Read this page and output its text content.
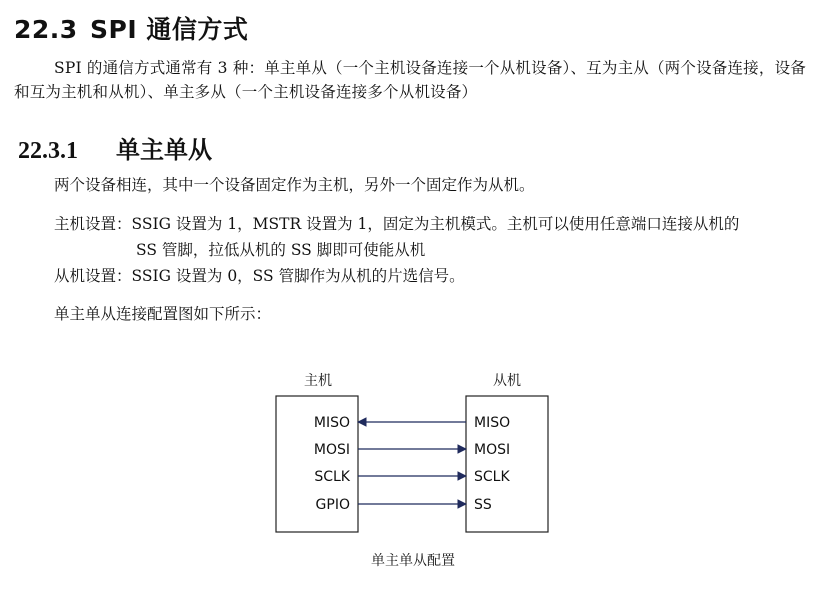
22.3 SPI 通信方式

SPI 的通信方式通常有 3 种：单主单从（一个主机设备连接一个从机设备）、互为主从（两个设备连接，设备和互为主机和从机）、单主多从（一个主机设备连接多个从机设备）

22.3.1 单主单从

两个设备相连，其中一个设备固定作为主机，另外一个固定作为从机。

主机设置：SSIG 设置为 1，MSTR 设置为 1，固定为主机模式。主机可以使用任意端口连接从机的

SS 管脚，拉低从机的 SS 脚即可使能从机

从机设置：SSIG 设置为 0，SS 管脚作为从机的片选信号。

单主单从连接配置图如下所示：

主机	从机
MISO	MISO
MOSI	MOSI
SCLK	SCLK
GPIO	SS
单主单从配置
